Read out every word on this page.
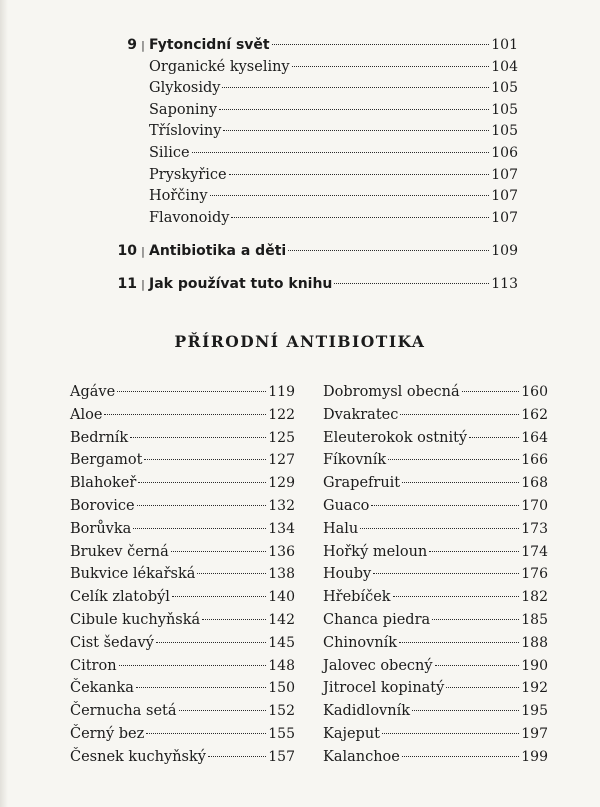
9 | Fytoncidní svět	101
Organické kyseliny	104
Glykosidy	105
Saponiny	105
Třísloviny	105
Silice	106
Pryskyřice	107
Hořčiny	107
Flavonoidy	107
10 | Antibiotika a děti	109
11 | Jak používat tuto knihu	113
PŘÍRODNÍ ANTIBIOTIKA
Agáve	119
Aloe	122
Bedrník	125
Bergamot	127
Blahokeř	129
Borovice	132
Borůvka	134
Brukev černá	136
Bukvice lékařská	138
Celík zlatobýl	140
Cibule kuchyňská	142
Cist šedavý	145
Citron	148
Čekanka	150
Černucha setá	152
Černý bez	155
Česnek kuchyňský	157
Dobromysl obecná	160
Dvakratec	162
Eleuterokok ostnitý	164
Fíkovník	166
Grapefruit	168
Guaco	170
Halu	173
Hořký meloun	174
Houby	176
Hřebíček	182
Chanca piedra	185
Chinovník	188
Jalovec obecný	190
Jitrocel kopinatý	192
Kadidlovník	195
Kajeput	197
Kalanchoe	199
